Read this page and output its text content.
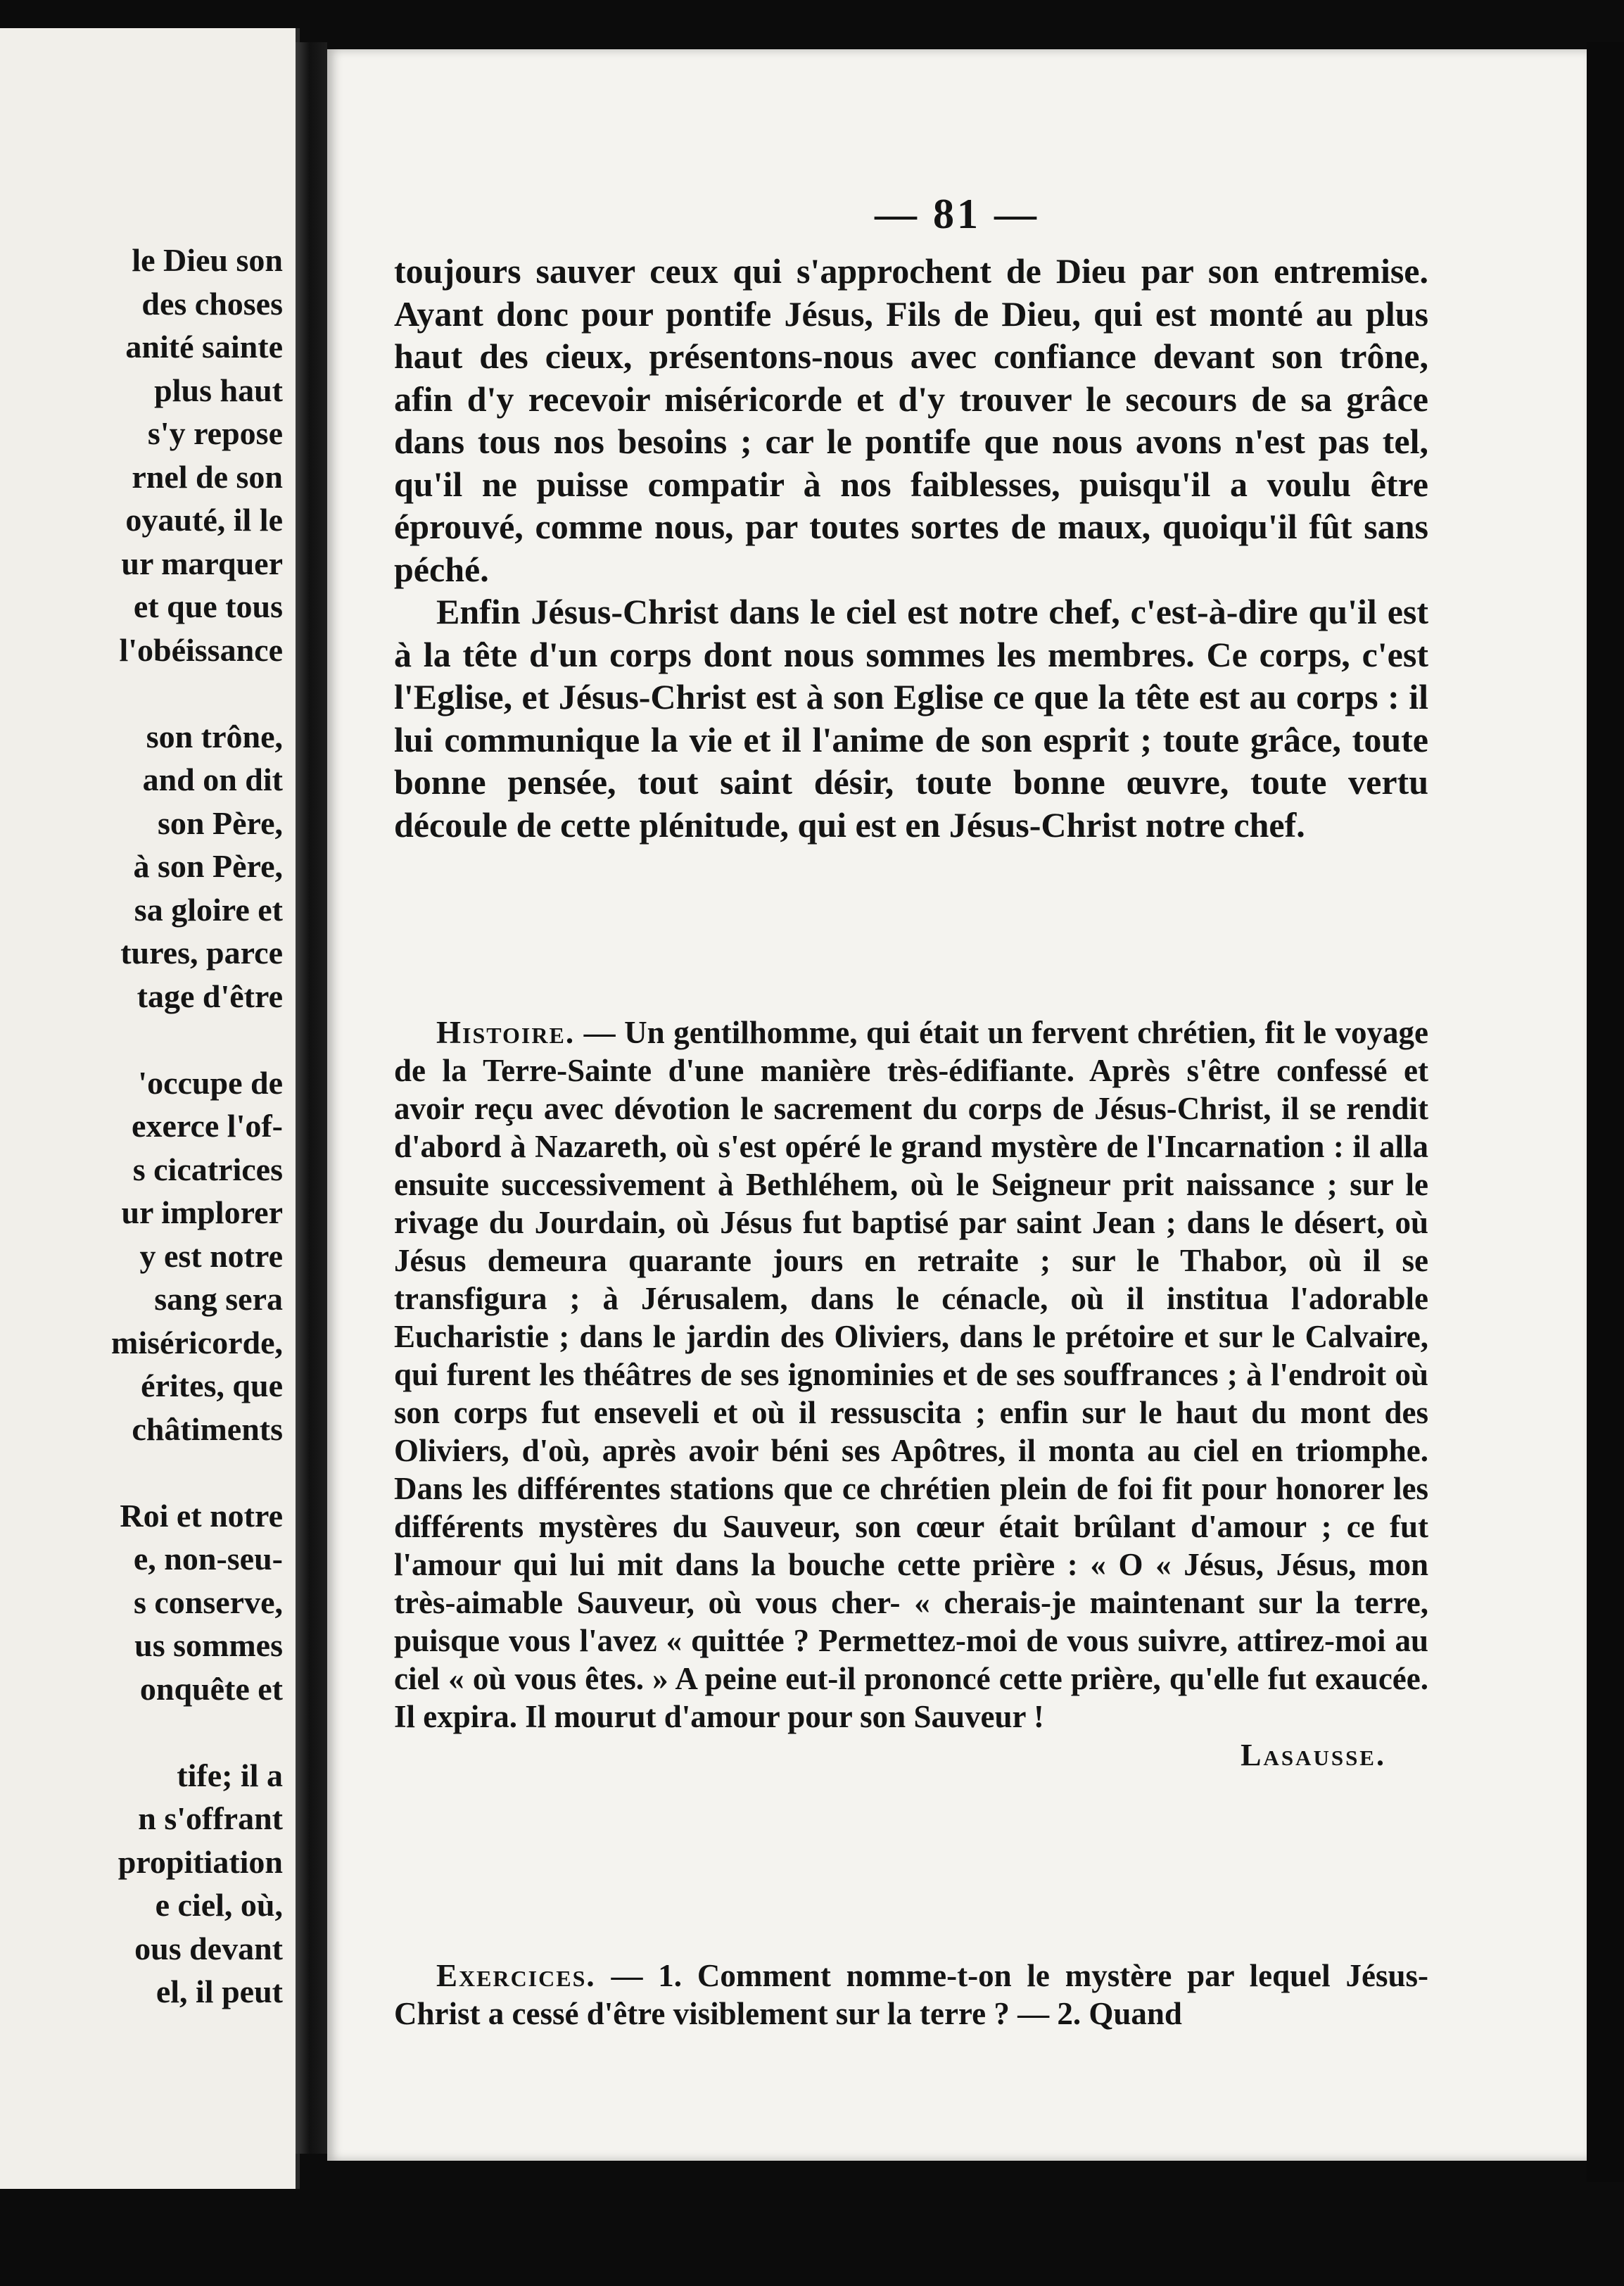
le Dieu son
des choses
anité sainte
plus haut
s'y repose
rnel de son
oyauté, il le
ur marquer
et que tous
l'obéissance
son trône,
and on dit
son Père,
à son Père,
sa gloire et
tures, parce
tage d'être
'occupe de
exerce l'of-
s cicatrices
ur implorer
y est notre
sang sera
miséricorde,
érites, que
châtiments
Roi et notre
e, non-seu-
s conserve,
us sommes
onquête et
tife; il a
n s'offrant
propitiation
e ciel, où,
ous devant
el, il peut
— 81 —

toujours sauver ceux qui s'approchent de Dieu par son entremise. Ayant donc pour pontife Jésus, Fils de Dieu, qui est monté au plus haut des cieux, présentons-nous avec confiance devant son trône, afin d'y recevoir miséricorde et d'y trouver le secours de sa grâce dans tous nos besoins ; car le pontife que nous avons n'est pas tel, qu'il ne puisse compatir à nos faiblesses, puisqu'il a voulu être éprouvé, comme nous, par toutes sortes de maux, quoiqu'il fût sans péché.

Enfin Jésus-Christ dans le ciel est notre chef, c'est-à-dire qu'il est à la tête d'un corps dont nous sommes les membres. Ce corps, c'est l'Eglise, et Jésus-Christ est à son Eglise ce que la tête est au corps : il lui communique la vie et il l'anime de son esprit ; toute grâce, toute bonne pensée, tout saint désir, toute bonne œuvre, toute vertu découle de cette plénitude, qui est en Jésus-Christ notre chef.

Histoire. — Un gentilhomme, qui était un fervent chrétien, fit le voyage de la Terre-Sainte d'une manière très-édifiante. Après s'être confessé et avoir reçu avec dévotion le sacrement du corps de Jésus-Christ, il se rendit d'abord à Nazareth, où s'est opéré le grand mystère de l'Incarnation : il alla ensuite successivement à Bethléhem, où le Seigneur prit naissance ; sur le rivage du Jourdain, où Jésus fut baptisé par saint Jean ; dans le désert, où Jésus demeura quarante jours en retraite ; sur le Thabor, où il se transfigura ; à Jérusalem, dans le cénacle, où il institua l'adorable Eucharistie ; dans le jardin des Oliviers, dans le prétoire et sur le Calvaire, qui furent les théâtres de ses ignominies et de ses souffrances ; à l'endroit où son corps fut enseveli et où il ressuscita ; enfin sur le haut du mont des Oliviers, d'où, après avoir béni ses Apôtres, il monta au ciel en triomphe. Dans les différentes stations que ce chrétien plein de foi fit pour honorer les différents mystères du Sauveur, son cœur était brûlant d'amour ; ce fut l'amour qui lui mit dans la bouche cette prière : « O « Jésus, Jésus, mon très-aimable Sauveur, où vous cher- « cherais-je maintenant sur la terre, puisque vous l'avez « quittée ? Permettez-moi de vous suivre, attirez-moi au ciel « où vous êtes. » A peine eut-il prononcé cette prière, qu'elle fut exaucée. Il expira. Il mourut d'amour pour son Sauveur !

Lasausse.

Exercices. — 1. Comment nomme-t-on le mystère par lequel Jésus-Christ a cessé d'être visiblement sur la terre ? — 2. Quand
